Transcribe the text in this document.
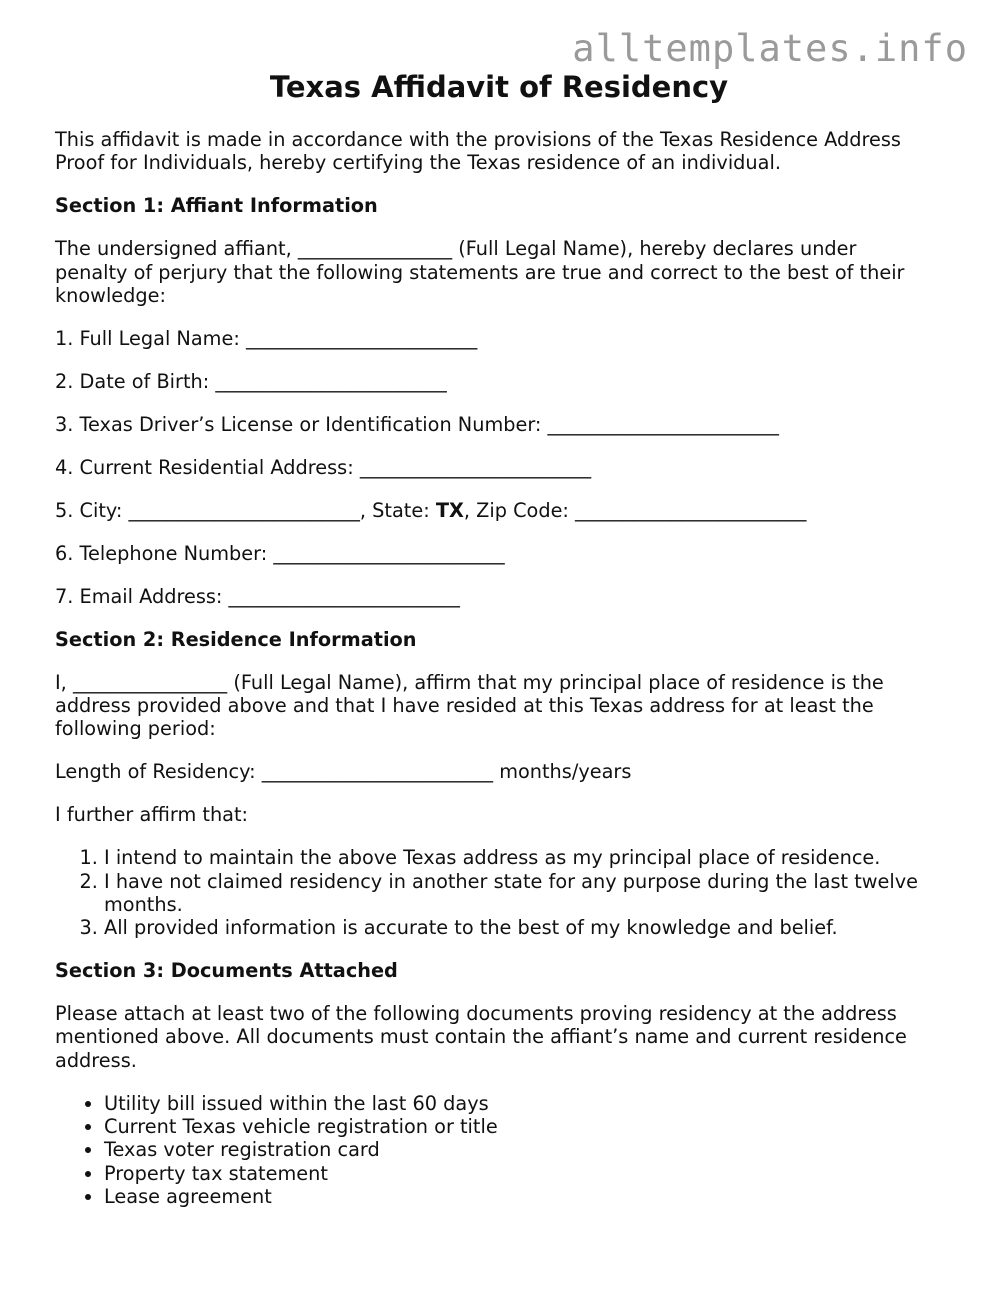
alltemplates.info
Texas Affidavit of Residency

This affidavit is made in accordance with the provisions of the Texas Residence Address Proof for Individuals, hereby certifying the Texas residence of an individual.

Section 1: Affiant Information

The undersigned affiant, ________________ (Full Legal Name), hereby declares under penalty of perjury that the following statements are true and correct to the best of their knowledge:

1. Full Legal Name: ________________________
2. Date of Birth: ________________________
3. Texas Driver’s License or Identification Number: ________________________
4. Current Residential Address: ________________________
5. City: ________________________, State: TX, Zip Code: ________________________
6. Telephone Number: ________________________
7. Email Address: ________________________
Section 2: Residence Information

I, ________________ (Full Legal Name), affirm that my principal place of residence is the address provided above and that I have resided at this Texas address for at least the following period:

Length of Residency: ________________________ months/years

I further affirm that:

1. I intend to maintain the above Texas address as my principal place of residence.
2. I have not claimed residency in another state for any purpose during the last twelve months.
3. All provided information is accurate to the best of my knowledge and belief.
Section 3: Documents Attached

Please attach at least two of the following documents proving residency at the address mentioned above. All documents must contain the affiant’s name and current residence address.

• Utility bill issued within the last 60 days
• Current Texas vehicle registration or title
• Texas voter registration card
• Property tax statement
• Lease agreement
